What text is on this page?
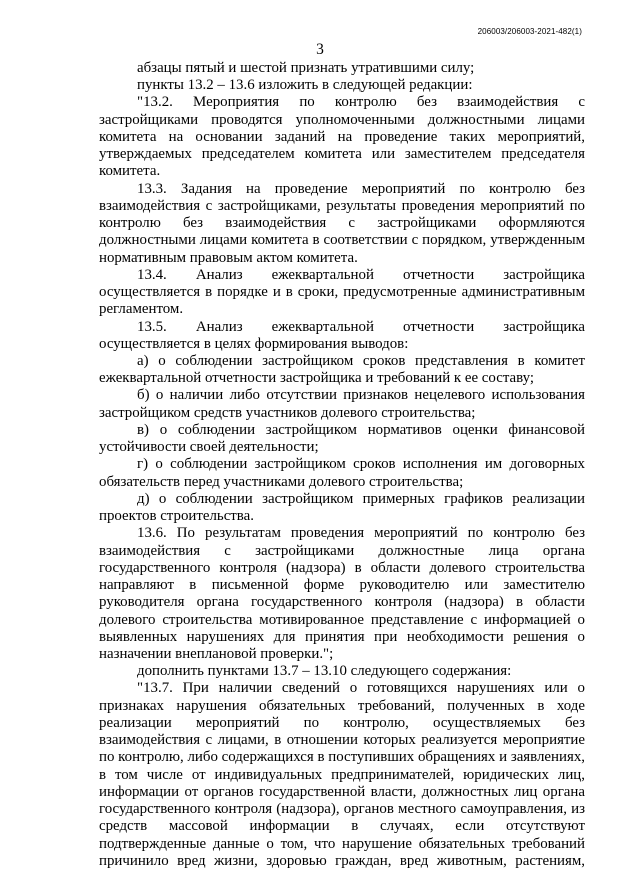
206003/206003-2021-482(1)
3

абзацы пятый и шестой признать утратившими силу;

пункты 13.2 – 13.6 изложить в следующей редакции:

"13.2. Мероприятия по контролю без взаимодействия с застройщиками проводятся уполномоченными должностными лицами комитета на основании заданий на проведение таких мероприятий, утверждаемых председателем комитета или заместителем председателя комитета.

13.3. Задания на проведение мероприятий по контролю без взаимодействия с застройщиками, результаты проведения мероприятий по контролю без взаимодействия с застройщиками оформляются должностными лицами комитета в соответствии с порядком, утвержденным нормативным правовым актом комитета.

13.4. Анализ ежеквартальной отчетности застройщика осуществляется в порядке и в сроки, предусмотренные административным регламентом.

13.5. Анализ ежеквартальной отчетности застройщика осуществляется в целях формирования выводов:

а) о соблюдении застройщиком сроков представления в комитет ежеквартальной отчетности застройщика и требований к ее составу;

б) о наличии либо отсутствии признаков нецелевого использования застройщиком средств участников долевого строительства;

в) о соблюдении застройщиком нормативов оценки финансовой устойчивости своей деятельности;

г) о соблюдении застройщиком сроков исполнения им договорных обязательств перед участниками долевого строительства;

д) о соблюдении застройщиком примерных графиков реализации проектов строительства.

13.6. По результатам проведения мероприятий по контролю без взаимодействия с застройщиками должностные лица органа государственного контроля (надзора) в области долевого строительства направляют в письменной форме руководителю или заместителю руководителя органа государственного контроля (надзора) в области долевого строительства мотивированное представление с информацией о выявленных нарушениях для принятия при необходимости решения о назначении внеплановой проверки.";

дополнить пунктами 13.7 – 13.10 следующего содержания:

"13.7. При наличии сведений о готовящихся нарушениях или о признаках нарушения обязательных требований, полученных в ходе реализации мероприятий по контролю, осуществляемых без взаимодействия с лицами, в отношении которых реализуется мероприятие по контролю, либо содержащихся в поступивших обращениях и заявлениях, в том числе от индивидуальных предпринимателей, юридических лиц, информации от органов государственной власти, должностных лиц органа государственного контроля (надзора), органов местного самоуправления, из средств массовой информации в случаях, если отсутствуют подтвержденные данные о том, что нарушение обязательных требований причинило вред жизни, здоровью граждан, вред животным, растениям,
